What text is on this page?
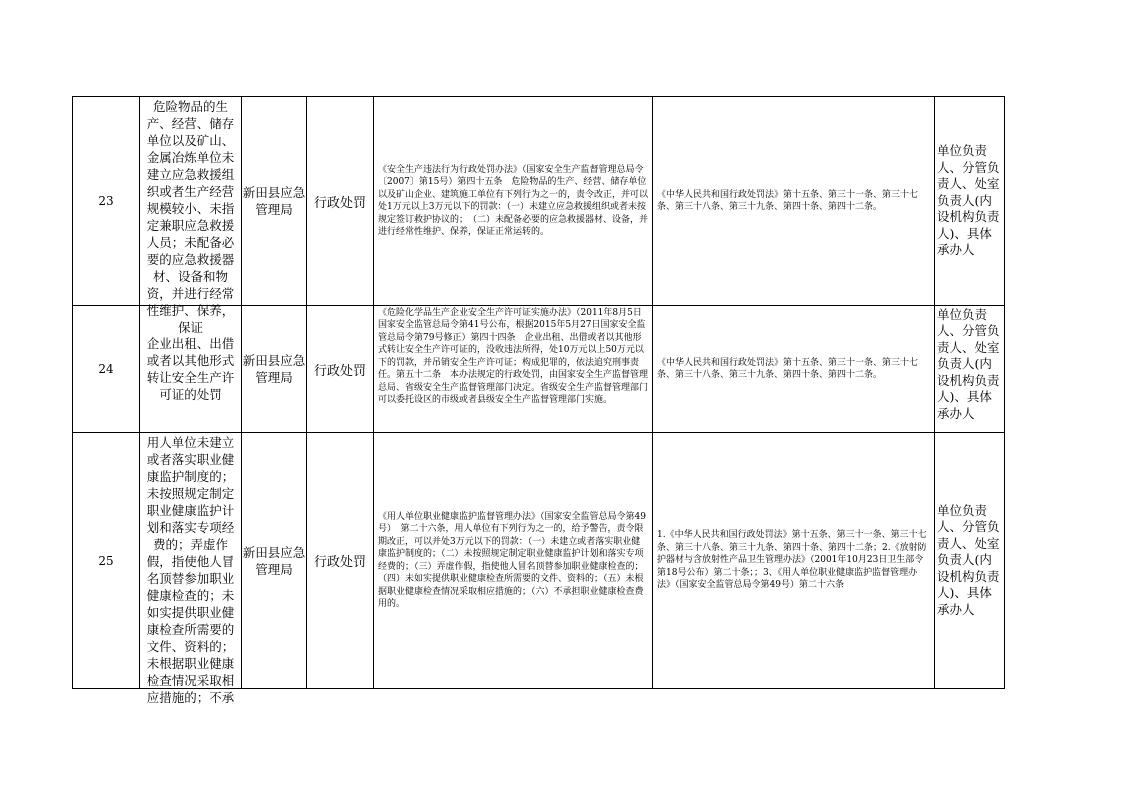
23	危险物品的生产、经营、储存单位以及矿山、金属冶炼单位未建立应急救援组织或者生产经营规模较小、未指定兼职应急救援人员；未配备必要的应急救援器材、设备和物资，并进行经常性维护、保养，保证	新田县应急管理局	行政处罚	《安全生产违法行为行政处罚办法》（国家安全生产监督管理总局令〔2007〕第15号）第四十五条　危险物品的生产、经营、储存单位以及矿山企业、建筑施工单位有下列行为之一的，责令改正，并可以处1万元以上3万元以下的罚款：（一）未建立应急救援组织或者未按规定签订救护协议的；　（二）未配备必要的应急救援器材、设备，并进行经常性维护、保养，保证正常运转的。	《中华人民共和国行政处罚法》第十五条、第三十一条、第三十七条、第三十八条、第三十九条、第四十条、第四十二条。	单位负责人、分管负责人、处室负责人(内设机构负责人)、具体承办人

24	企业出租、出借或者以其他形式转让安全生产许可证的处罚	新田县应急管理局	行政处罚	《危险化学品生产企业安全生产许可证实施办法》（2011年8月5日国家安全监管总局令第41号公布，根据2015年5月27日国家安全监管总局令第79号修正）第四十四条　企业出租、出借或者以其他形式转让安全生产许可证的，没收违法所得，处10万元以上50万元以下的罚款，并吊销安全生产许可证；构成犯罪的，依法追究刑事责任。第五十二条　本办法规定的行政处罚，由国家安全生产监督管理总局、省级安全生产监督管理部门决定。省级安全生产监督管理部门可以委托设区的市级或者县级安全生产监督管理部门实施。	《中华人民共和国行政处罚法》第十五条、第三十一条、第三十七条、第三十八条、第三十九条、第四十条、第四十二条。	单位负责人、分管负责人、处室负责人(内设机构负责人)、具体承办人

25	用人单位未建立或者落实职业健康监护制度的；未按照规定制定职业健康监护计划和落实专项经费的；弄虚作假，指使他人冒名顶替参加职业健康检查的；未如实提供职业健康检查所需要的文件、资料的；未根据职业健康检查情况采取相应措施的；不承	新田县应急管理局	行政处罚	《用人单位职业健康监护监督管理办法》（国家安全监管总局令第49号）　第二十六条，用人单位有下列行为之一的，给予警告，责令限期改正，可以并处3万元以下的罚款：（一）未建立或者落实职业健康监护制度的；（二）未按照规定制定职业健康监护计划和落实专项经费的；（三）弄虚作假，指使他人冒名顶替参加职业健康检查的；（四）未如实提供职业健康检查所需要的文件、资料的；（五）未根据职业健康检查情况采取相应措施的；（六）不承担职业健康检查费用的。	1.《中华人民共和国行政处罚法》第十五条、第三十一条、第三十七条、第三十八条、第三十九条、第四十条、第四十二条；2.《放射防护器材与含放射性产品卫生管理办法》（2001年10月23日卫生部令第18号公布）第二十条；；3、《用人单位职业健康监护监督管理办法》（国家安全监管总局令第49号）第二十六条	单位负责人、分管负责人、处室负责人(内设机构负责人)、具体承办人
